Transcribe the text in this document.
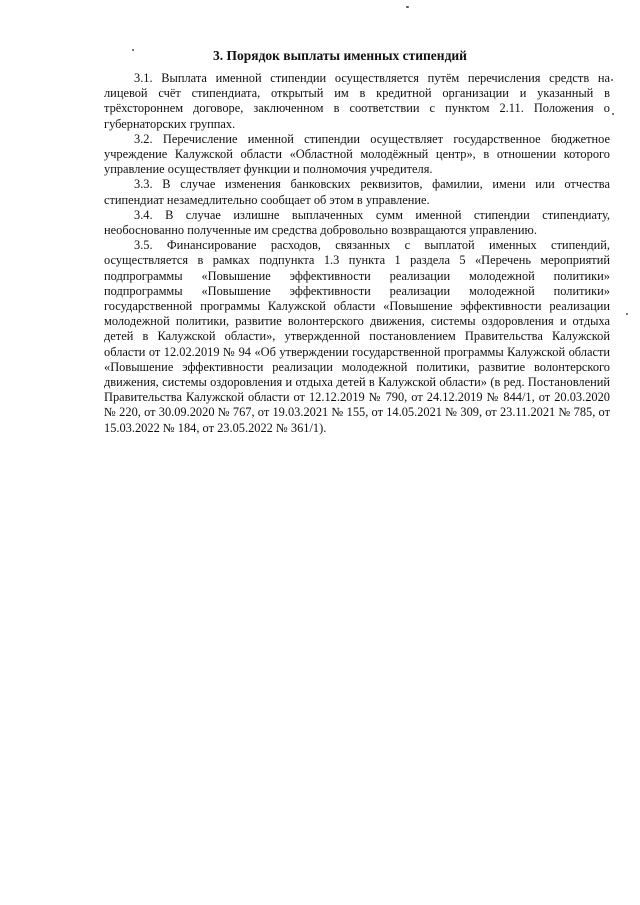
3. Порядок выплаты именных стипендий

3.1. Выплата именной стипендии осуществляется путём перечисления средств на лицевой счёт стипендиата, открытый им в кредитной организации и указанный в трёхстороннем договоре, заключенном в соответствии с пунктом 2.11. Положения о губернаторских группах.

3.2. Перечисление именной стипендии осуществляет государственное бюджетное учреждение Калужской области «Областной молодёжный центр», в отношении которого управление осуществляет функции и полномочия учредителя.

3.3. В случае изменения банковских реквизитов, фамилии, имени или отчества стипендиат незамедлительно сообщает об этом в управление.

3.4. В случае излишне выплаченных сумм именной стипендии стипендиату, необоснованно полученные им средства добровольно возвращаются управлению.

3.5. Финансирование расходов, связанных с выплатой именных стипендий, осуществляется в рамках подпункта 1.3 пункта 1 раздела 5 «Перечень мероприятий подпрограммы «Повышение эффективности реализации молодежной политики» подпрограммы «Повышение эффективности реализации молодежной политики» государственной программы Калужской области «Повышение эффективности реализации молодежной политики, развитие волонтерского движения, системы оздоровления и отдыха детей в Калужской области», утвержденной постановлением Правительства Калужской области от 12.02.2019 № 94 «Об утверждении государственной программы Калужской области «Повышение эффективности реализации молодежной политики, развитие волонтерского движения, системы оздоровления и отдыха детей в Калужской области» (в ред. Постановлений Правительства Калужской области от 12.12.2019 № 790, от 24.12.2019 № 844/1, от 20.03.2020 № 220, от 30.09.2020 № 767, от 19.03.2021 № 155, от 14.05.2021 № 309, от 23.11.2021 № 785, от 15.03.2022 № 184, от 23.05.2022 № 361/1).
